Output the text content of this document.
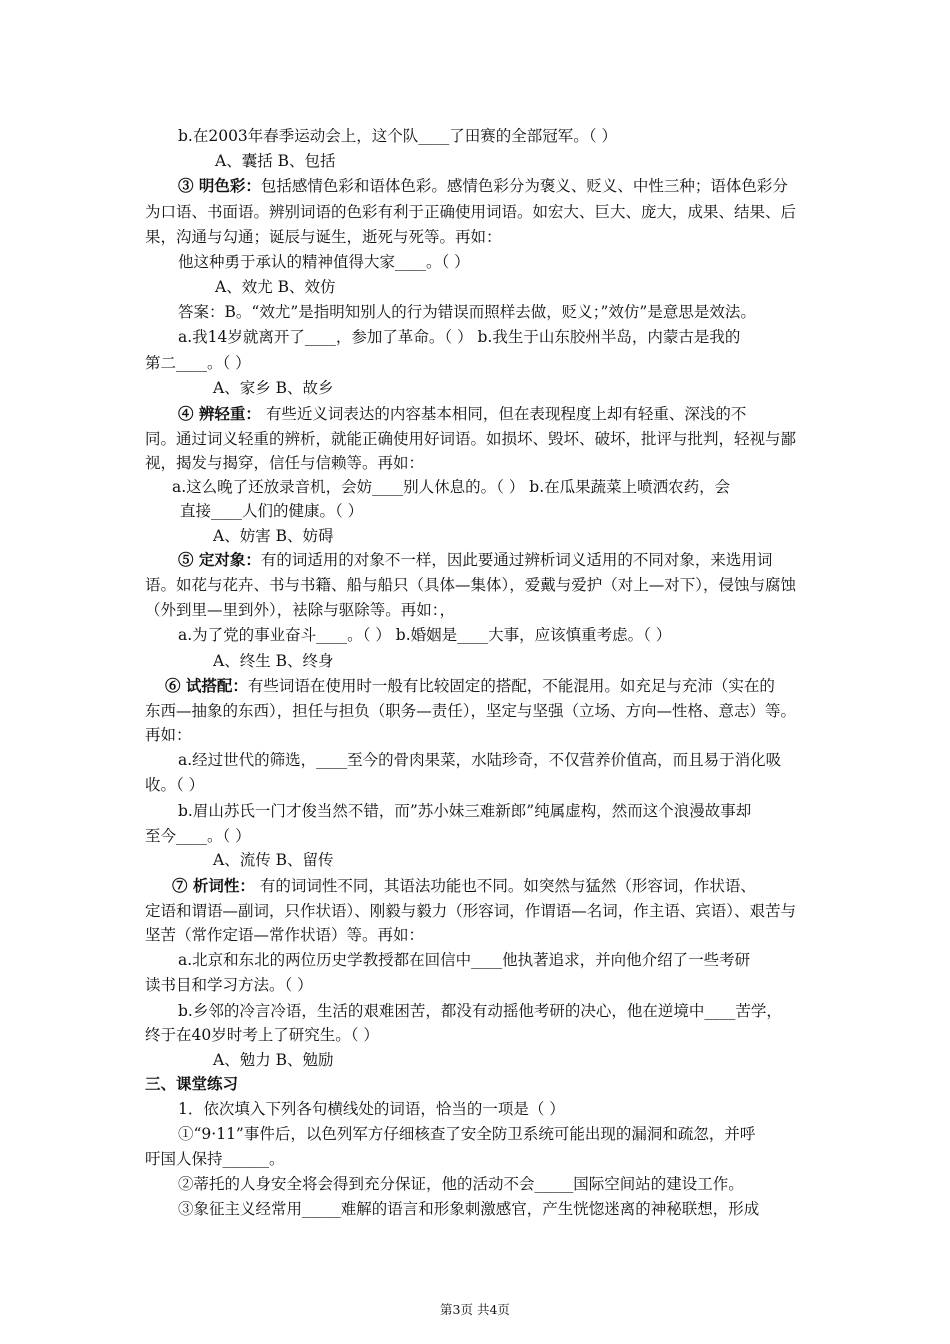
b.在2003年春季运动会上，这个队____了田赛的全部冠军。（ ）
A、囊括 B、包括
③ 明色彩：包括感情色彩和语体色彩。感情色彩分为褒义、贬义、中性三种；语体色彩分
为口语、书面语。辨别词语的色彩有利于正确使用词语。如宏大、巨大、庞大，成果、结果、后
果，沟通与勾通；诞辰与诞生，逝死与死等。再如：
他这种勇于承认的精神值得大家____。（ ）
A、效尤 B、效仿
答案：B。“效尤”是指明知别人的行为错误而照样去做，贬义；”效仿”是意思是效法。
a.我14岁就离开了____，参加了革命。（ ） b.我生于山东胶州半岛，内蒙古是我的
第二____。（ ）
A、家乡 B、故乡
④ 辨轻重： 有些近义词表达的内容基本相同，但在表现程度上却有轻重、深浅的不
同。通过词义轻重的辨析，就能正确使用好词语。如损坏、毁坏、破坏，批评与批判，轻视与鄙
视，揭发与揭穿，信任与信赖等。再如：
a.这么晚了还放录音机，会妨____别人休息的。（ ） b.在瓜果蔬菜上喷洒农药，会
直接____人们的健康。（ ）
A、妨害 B、妨碍
⑤ 定对象：有的词适用的对象不一样，因此要通过辨析词义适用的不同对象，来选用词
语。如花与花卉、书与书籍、船与船只（具体—集体），爱戴与爱护（对上—对下），侵蚀与腐蚀
（外到里—里到外），袪除与驱除等。再如：，
a.为了党的事业奋斗____。（ ） b.婚姻是____大事，应该慎重考虑。（ ）
A、终生 B、终身
⑥ 试搭配：有些词语在使用时一般有比较固定的搭配，不能混用。如充足与充沛（实在的
东西—抽象的东西），担任与担负（职务—责任），坚定与坚强（立场、方向—性格、意志）等。
再如：
a.经过世代的筛选，____至今的骨肉果菜，水陆珍奇，不仅营养价值高，而且易于消化吸
收。（ ）
b.眉山苏氏一门才俊当然不错，而”苏小妹三难新郎”纯属虚构，然而这个浪漫故事却
至今____。（ ）
A、流传 B、留传
⑦ 析词性： 有的词词性不同，其语法功能也不同。如突然与猛然（形容词，作状语、
定语和谓语—副词，只作状语）、刚毅与毅力（形容词，作谓语—名词，作主语、宾语）、艰苦与
坚苦（常作定语—常作状语）等。再如：
a.北京和东北的两位历史学教授都在回信中____他执著追求，并向他介绍了一些考研
读书目和学习方法。（ ）
b.乡邻的冷言冷语，生活的艰难困苦，都没有动摇他考研的决心，他在逆境中____苦学，
终于在40岁时考上了研究生。（ ）
A、勉力 B、勉励
三、课堂练习
1．依次填入下列各句横线处的词语，恰当的一项是（ ）
①“9·11”事件后，以色列军方仔细核查了安全防卫系统可能出现的漏洞和疏忽，并呼
吁国人保持______。
②蒂托的人身安全将会得到充分保证，他的活动不会_____国际空间站的建设工作。
③象征主义经常用_____难解的语言和形象刺激感官，产生恍惚迷离的神秘联想，形成
第3页 共4页
